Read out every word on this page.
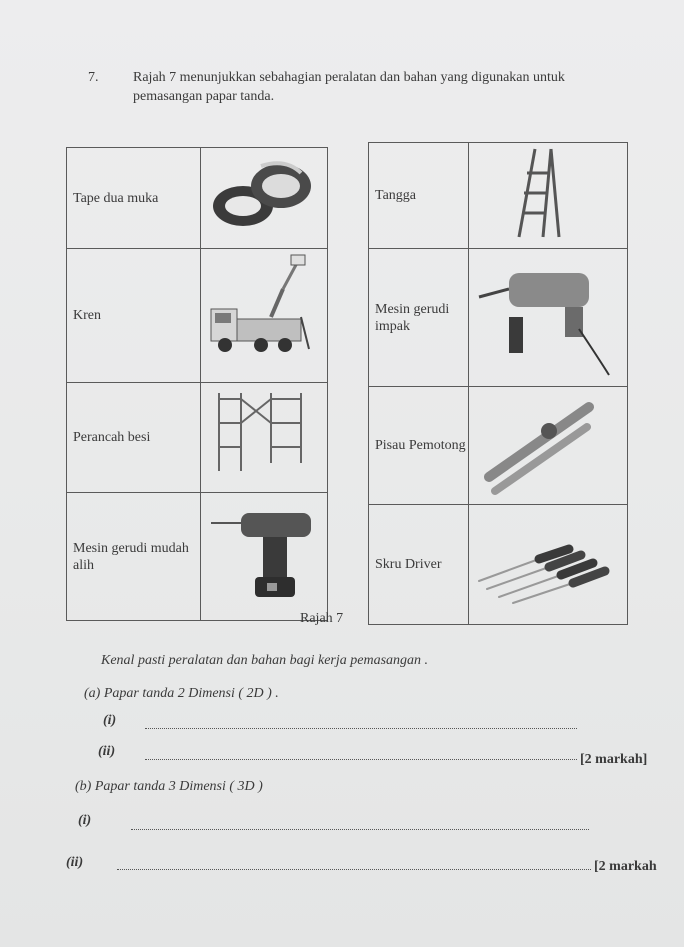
7. Rajah 7 menunjukkan sebahagian peralatan dan bahan yang digunakan untuk pemasangan papar tanda.
Tape dua muka	
Kren	
Perancah besi	
Mesin gerudi mudah alih	
Tangga	
Mesin gerudi impak	
Pisau Pemotong	
Skru Driver	
Rajah 7
Kenal pasti peralatan dan bahan bagi kerja pemasangan .
(a) Papar tanda 2 Dimensi ( 2D ) .
(i)
(ii)
[2 markah]
(b) Papar tanda 3 Dimensi ( 3D )
(i)
(ii)	[2 markah
